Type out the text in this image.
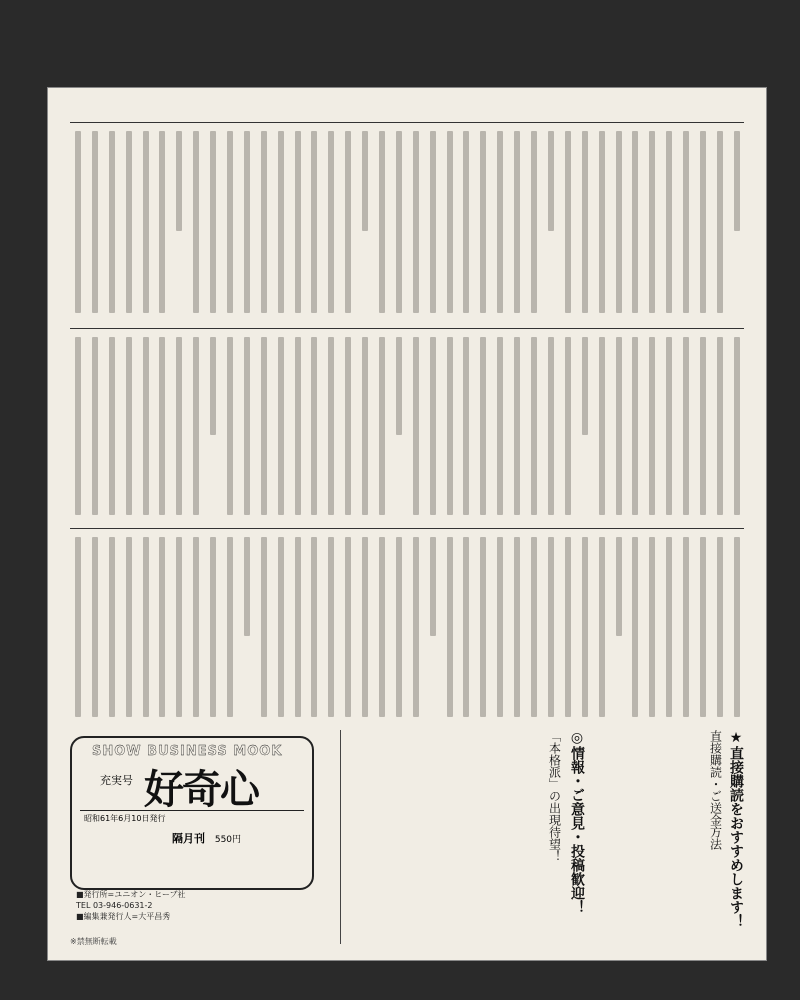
SHOW BUSINESS MOOK
充実号 好奇心
昭和61年6月10日発行
隔月刊 550円
■発行所=ユニオン・ヒーブ社
TEL 03-946-0631-2
■編集兼発行人=大平昌秀
※禁無断転載
◎情報・ご意見・投稿歓迎！
「本格派」の出現待望！	★直接購読をおすすめします！
直接購読・ご送金方法
